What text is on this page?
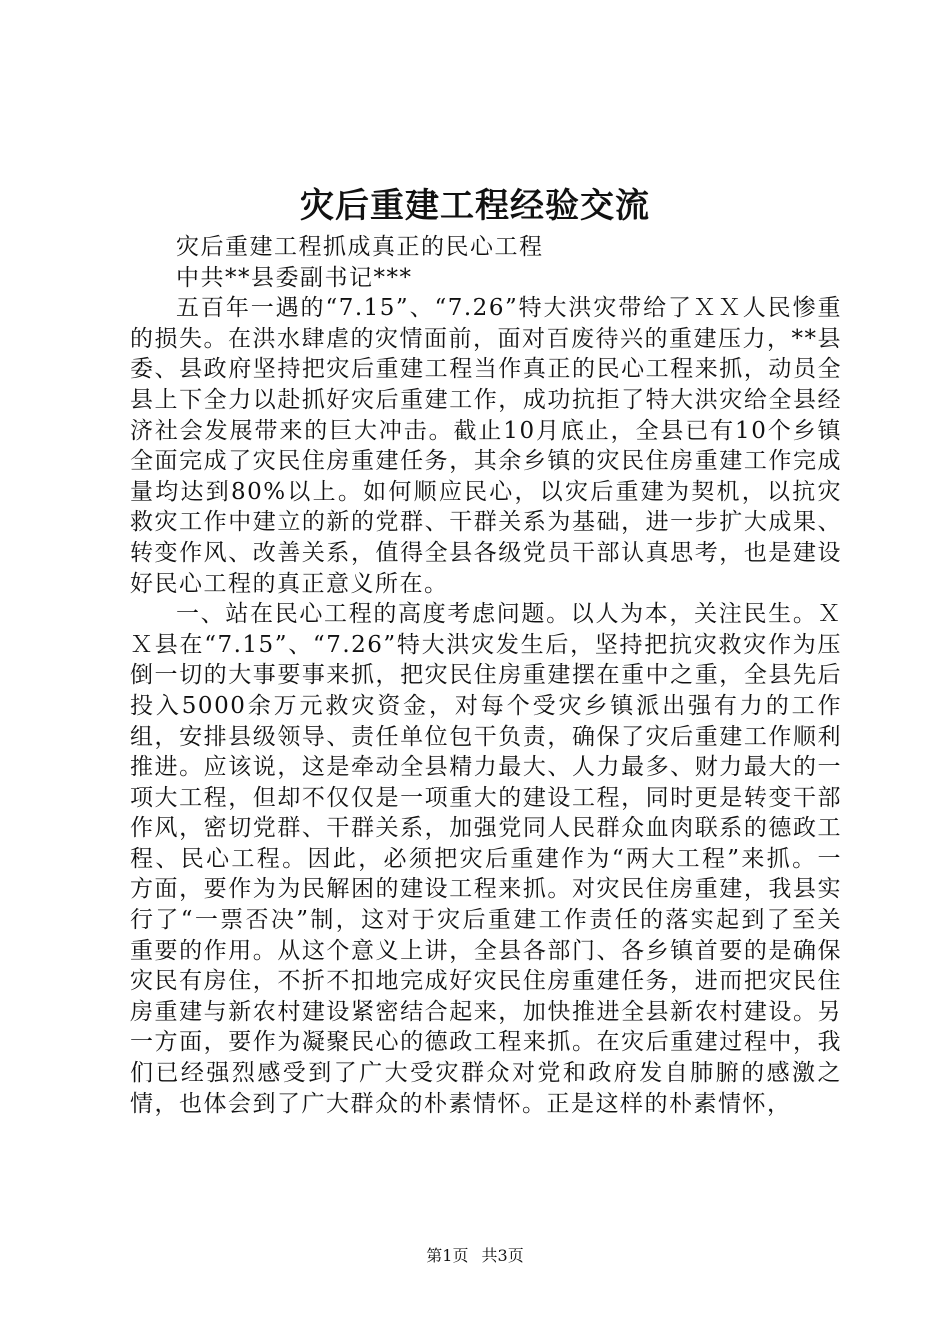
灾后重建工程经验交流

灾后重建工程抓成真正的民心工程

中共**县委副书记***

五百年一遇的“7.15”、“7.26”特大洪灾带给了ＸＸ人民惨重的损失。在洪水肆虐的灾情面前，面对百废待兴的重建压力，**县委、县政府坚持把灾后重建工程当作真正的民心工程来抓，动员全县上下全力以赴抓好灾后重建工作，成功抗拒了特大洪灾给全县经济社会发展带来的巨大冲击。截止10月底止，全县已有10个乡镇全面完成了灾民住房重建任务，其余乡镇的灾民住房重建工作完成量均达到80%以上。如何顺应民心，以灾后重建为契机，以抗灾救灾工作中建立的新的党群、干群关系为基础，进一步扩大成果、转变作风、改善关系，值得全县各级党员干部认真思考，也是建设好民心工程的真正意义所在。

一、站在民心工程的高度考虑问题。以人为本，关注民生。ＸＸ县在“7.15”、“7.26”特大洪灾发生后，坚持把抗灾救灾作为压倒一切的大事要事来抓，把灾民住房重建摆在重中之重，全县先后投入5000余万元救灾资金，对每个受灾乡镇派出强有力的工作组，安排县级领导、责任单位包干负责，确保了灾后重建工作顺利推进。应该说，这是牵动全县精力最大、人力最多、财力最大的一项大工程，但却不仅仅是一项重大的建设工程，同时更是转变干部作风，密切党群、干群关系，加强党同人民群众血肉联系的德政工程、民心工程。因此，必须把灾后重建作为“两大工程”来抓。一方面，要作为为民解困的建设工程来抓。对灾民住房重建，我县实行了“一票否决”制，这对于灾后重建工作责任的落实起到了至关重要的作用。从这个意义上讲，全县各部门、各乡镇首要的是确保灾民有房住，不折不扣地完成好灾民住房重建任务，进而把灾民住房重建与新农村建设紧密结合起来，加快推进全县新农村建设。另一方面，要作为凝聚民心的德政工程来抓。在灾后重建过程中，我们已经强烈感受到了广大受灾群众对党和政府发自肺腑的感激之情，也体会到了广大群众的朴素情怀。正是这样的朴素情怀，

第1页 共3页
